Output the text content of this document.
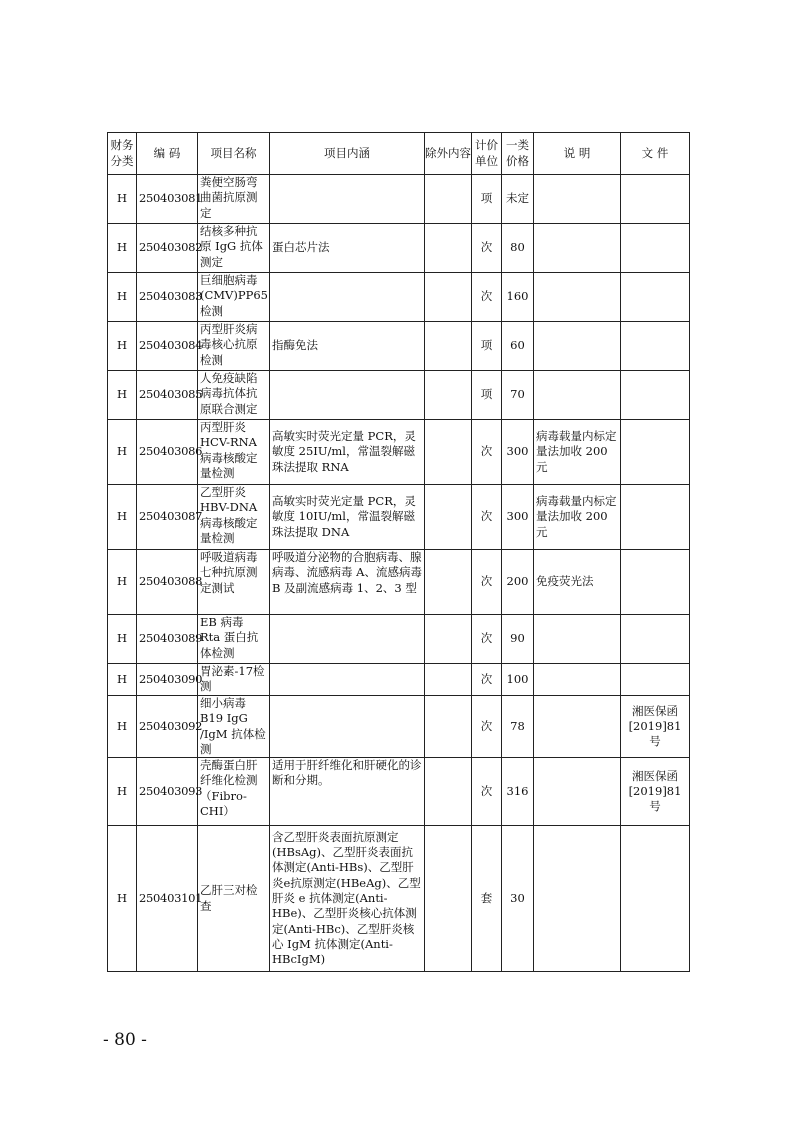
财务分类	编 码	项目名称	项目内涵	除外内容	计价单位	一类价格	说 明	文 件
H	250403081	粪便空肠弯曲菌抗原测定			项	未定		
H	250403082	结核多种抗原 IgG 抗体测定	蛋白芯片法		次	80		
H	250403083	巨细胞病毒(CMV)PP65检测			次	160		
H	250403084	丙型肝炎病毒核心抗原检测	指酶免法		项	60		
H	250403085	人免疫缺陷病毒抗体抗原联合测定			项	70		
H	250403086	丙型肝炎 HCV-RNA 病毒核酸定量检测	高敏实时荧光定量 PCR，灵敏度 25IU/ml，常温裂解磁珠法提取 RNA		次	300	病毒载量内标定量法加收 200 元	
H	250403087	乙型肝炎 HBV-DNA 病毒核酸定量检测	高敏实时荧光定量 PCR，灵敏度 10IU/ml，常温裂解磁珠法提取 DNA		次	300	病毒载量内标定量法加收 200 元	
H	250403088	呼吸道病毒七种抗原测定测试	呼吸道分泌物的合胞病毒、腺病毒、流感病毒 A、流感病毒 B 及副流感病毒 1、2、3 型		次	200	免疫荧光法	
H	250403089	EB 病毒 Rta 蛋白抗体检测			次	90		
H	250403090	胃泌素-17检测			次	100		
H	250403092	细小病毒 B19 IgG /IgM 抗体检测			次	78		湘医保函[2019]81号
H	250403093	壳酶蛋白肝纤维化检测（Fibro-CHI）	适用于肝纤维化和肝硬化的诊断和分期。		次	316		湘医保函[2019]81号
H	250403101	乙肝三对检查	含乙型肝炎表面抗原测定(HBsAg)、乙型肝炎表面抗体测定(Anti-HBs)、乙型肝炎e抗原测定(HBeAg)、乙型肝炎 e 抗体测定(Anti-HBe)、乙型肝炎核心抗体测定(Anti-HBc)、乙型肝炎核心 IgM 抗体测定(Anti-HBcIgM)		套	30		
- 80 -
